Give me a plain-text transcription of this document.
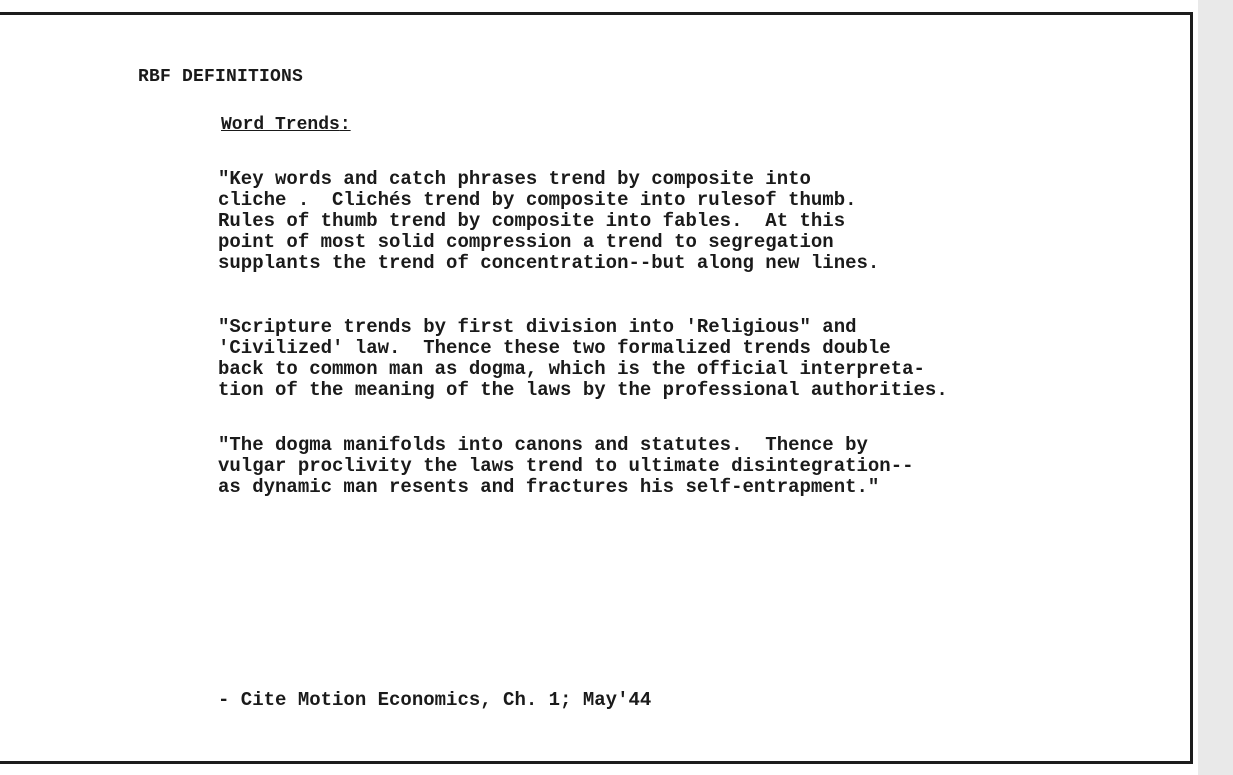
RBF DEFINITIONS
Word Trends:
"Key words and catch phrases trend by composite into
cliche .  Clichés trend by composite into rulesof thumb.
Rules of thumb trend by composite into fables.  At this
point of most solid compression a trend to segregation
supplants the trend of concentration--but along new lines.
"Scripture trends by first division into 'Religious" and
'Civilized' law.  Thence these two formalized trends double
back to common man as dogma, which is the official interpreta-
tion of the meaning of the laws by the professional authorities.
"The dogma manifolds into canons and statutes.  Thence by
vulgar proclivity the laws trend to ultimate disintegration--
as dynamic man resents and fractures his self-entrapment."

- Cite Motion Economics, Ch. 1; May'44
